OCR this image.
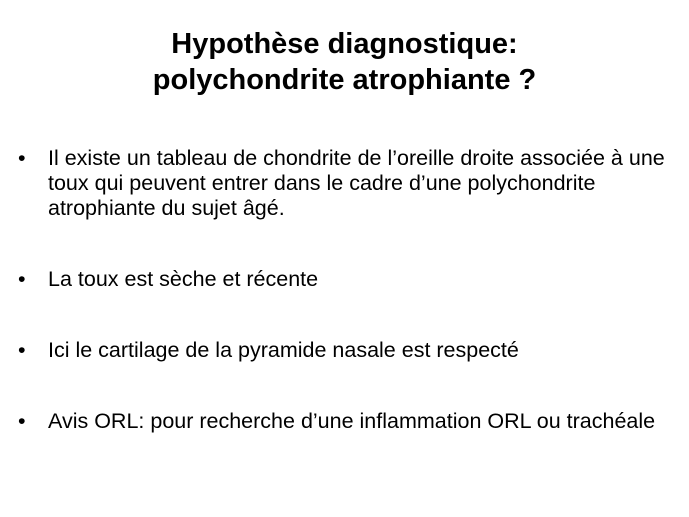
Hypothèse diagnostique:
polychondrite atrophiante ?
•	Il existe un tableau de chondrite de l’oreille droite associée à une toux qui peuvent entrer dans le cadre d’une polychondrite atrophiante du sujet âgé.
•	La toux est sèche et récente
•	Ici le cartilage de la pyramide nasale est respecté
•	Avis ORL: pour recherche d’une inflammation ORL ou trachéale
